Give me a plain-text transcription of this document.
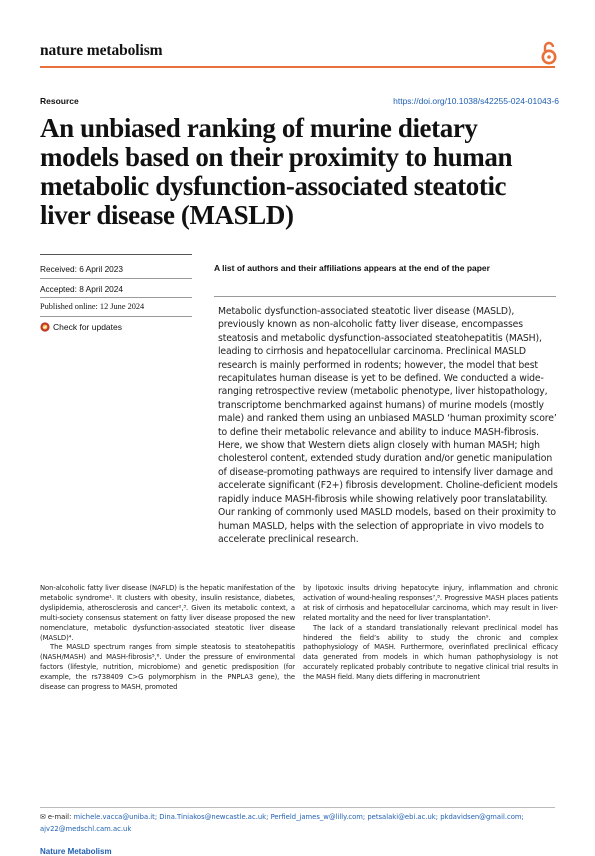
nature metabolism
Resource	https://doi.org/10.1038/s42255-024-01043-6
An unbiased ranking of murine dietary models based on their proximity to human metabolic dysfunction-associated steatotic liver disease (MASLD)
Received: 6 April 2023
Accepted: 8 April 2024
Published online: 12 June 2024
Check for updates
A list of authors and their affiliations appears at the end of the paper

Metabolic dysfunction-associated steatotic liver disease (MASLD), previously known as non-alcoholic fatty liver disease, encompasses steatosis and metabolic dysfunction-associated steatohepatitis (MASH), leading to cirrhosis and hepatocellular carcinoma. Preclinical MASLD research is mainly performed in rodents; however, the model that best recapitulates human disease is yet to be defined. We conducted a wide-ranging retrospective review (metabolic phenotype, liver histopathology, transcriptome benchmarked against humans) of murine models (mostly male) and ranked them using an unbiased MASLD ‘human proximity score’ to define their metabolic relevance and ability to induce MASH-fibrosis. Here, we show that Western diets align closely with human MASH; high cholesterol content, extended study duration and/or genetic manipulation of disease-promoting pathways are required to intensify liver damage and accelerate significant (F2+) fibrosis development. Choline-deficient models rapidly induce MASH-fibrosis while showing relatively poor translatability. Our ranking of commonly used MASLD models, based on their proximity to human MASLD, helps with the selection of appropriate in vivo models to accelerate preclinical research.

Non-alcoholic fatty liver disease (NAFLD) is the hepatic manifestation of the metabolic syndrome¹. It clusters with obesity, insulin resistance, diabetes, dyslipidemia, atherosclerosis and cancer²,³. Given its metabolic context, a multi-society consensus statement on fatty liver disease proposed the new nomenclature, metabolic dysfunction-associated steatotic liver disease (MASLD)⁴.

The MASLD spectrum ranges from simple steatosis to steatohepatitis (NASH/MASH) and MASH-fibrosis⁵,⁶. Under the pressure of environmental factors (lifestyle, nutrition, microbiome) and genetic predisposition (for example, the rs738409 C>G polymorphism in the PNPLA3 gene), the disease can progress to MASH, promoted

by lipotoxic insults driving hepatocyte injury, inflammation and chronic activation of wound-healing responses⁷,⁸. Progressive MASH places patients at risk of cirrhosis and hepatocellular carcinoma, which may result in liver-related mortality and the need for liver transplantation⁹.

The lack of a standard translationally relevant preclinical model has hindered the field’s ability to study the chronic and complex pathophysiology of MASH. Furthermore, overinflated preclinical efficacy data generated from models in which human pathophysiology is not accurately replicated probably contribute to negative clinical trial results in the MASH field. Many diets differing in macronutrient

✉ e-mail: michele.vacca@uniba.it; Dina.Tiniakos@newcastle.ac.uk; Perfield_james_w@lilly.com; petsalaki@ebi.ac.uk; pkdavidsen@gmail.com; ajv22@medschl.cam.ac.uk
Nature Metabolism
